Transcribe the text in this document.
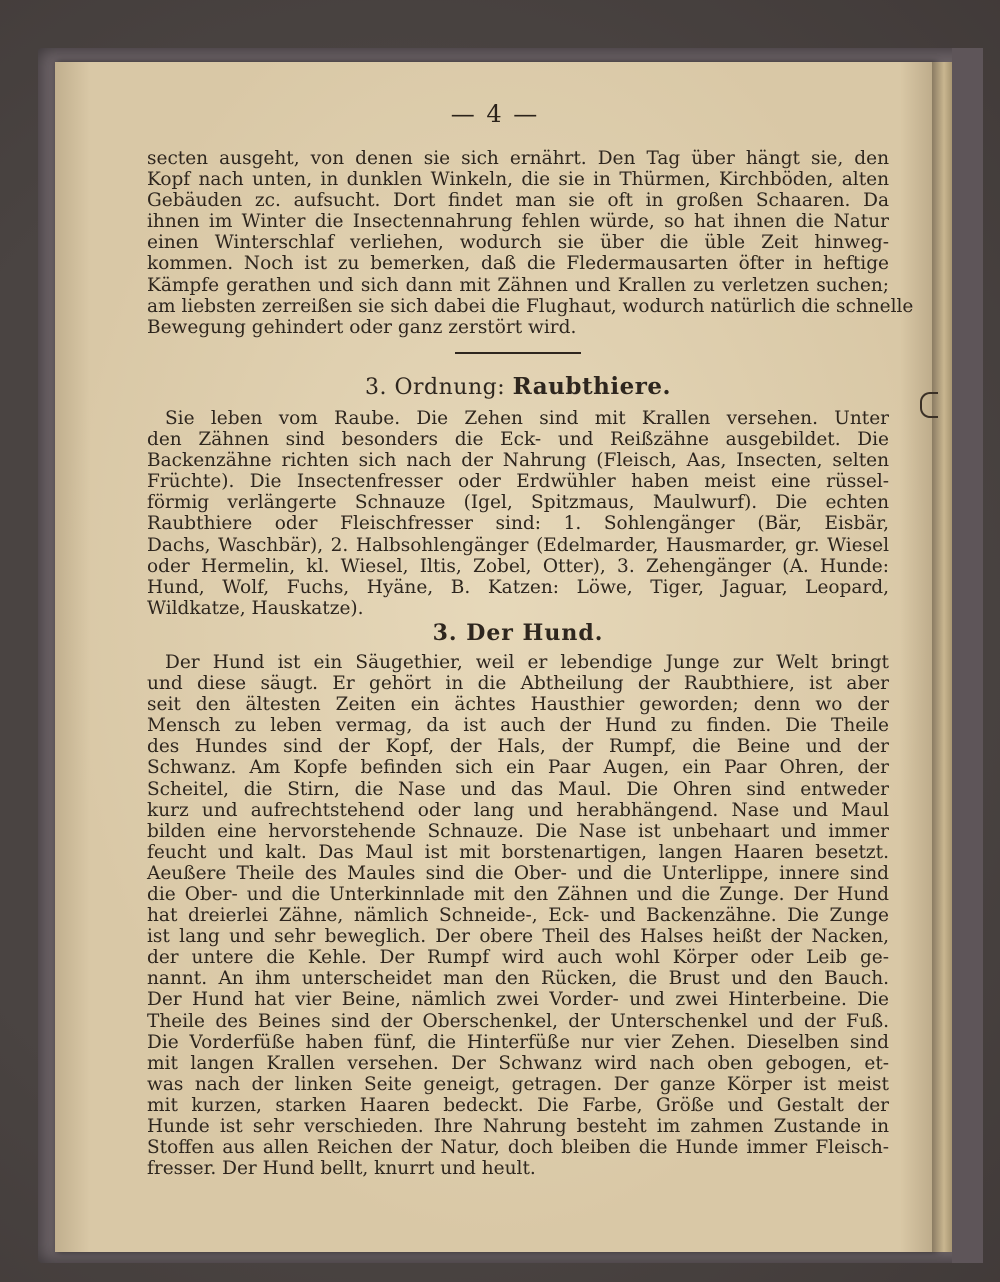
— 4 —
secten ausgeht, von denen sie sich ernährt. Den Tag über hängt sie, den
Kopf nach unten, in dunklen Winkeln, die sie in Thürmen, Kirchböden, alten
Gebäuden zc. aufsucht. Dort findet man sie oft in großen Schaaren. Da
ihnen im Winter die Insectennahrung fehlen würde, so hat ihnen die Natur
einen Winterschlaf verliehen, wodurch sie über die üble Zeit hinweg-
kommen. Noch ist zu bemerken, daß die Fledermausarten öfter in heftige
Kämpfe gerathen und sich dann mit Zähnen und Krallen zu verletzen suchen;
am liebsten zerreißen sie sich dabei die Flughaut, wodurch natürlich die schnelle
Bewegung gehindert oder ganz zerstört wird.
3. Ordnung: Raubthiere.
Sie leben vom Raube. Die Zehen sind mit Krallen versehen. Unter
den Zähnen sind besonders die Eck- und Reißzähne ausgebildet. Die
Backenzähne richten sich nach der Nahrung (Fleisch, Aas, Insecten, selten
Früchte). Die Insectenfresser oder Erdwühler haben meist eine rüssel-
förmig verlängerte Schnauze (Igel, Spitzmaus, Maulwurf). Die echten
Raubthiere oder Fleischfresser sind: 1. Sohlengänger (Bär, Eisbär,
Dachs, Waschbär), 2. Halbsohlengänger (Edelmarder, Hausmarder, gr. Wiesel
oder Hermelin, kl. Wiesel, Iltis, Zobel, Otter), 3. Zehengänger (A. Hunde:
Hund, Wolf, Fuchs, Hyäne, B. Katzen: Löwe, Tiger, Jaguar, Leopard,
Wildkatze, Hauskatze).
3. Der Hund.
Der Hund ist ein Säugethier, weil er lebendige Junge zur Welt bringt
und diese säugt. Er gehört in die Abtheilung der Raubthiere, ist aber
seit den ältesten Zeiten ein ächtes Hausthier geworden; denn wo der
Mensch zu leben vermag, da ist auch der Hund zu finden. Die Theile
des Hundes sind der Kopf, der Hals, der Rumpf, die Beine und der
Schwanz. Am Kopfe befinden sich ein Paar Augen, ein Paar Ohren, der
Scheitel, die Stirn, die Nase und das Maul. Die Ohren sind entweder
kurz und aufrechtstehend oder lang und herabhängend. Nase und Maul
bilden eine hervorstehende Schnauze. Die Nase ist unbehaart und immer
feucht und kalt. Das Maul ist mit borstenartigen, langen Haaren besetzt.
Aeußere Theile des Maules sind die Ober- und die Unterlippe, innere sind
die Ober- und die Unterkinnlade mit den Zähnen und die Zunge. Der Hund
hat dreierlei Zähne, nämlich Schneide-, Eck- und Backenzähne. Die Zunge
ist lang und sehr beweglich. Der obere Theil des Halses heißt der Nacken,
der untere die Kehle. Der Rumpf wird auch wohl Körper oder Leib ge-
nannt. An ihm unterscheidet man den Rücken, die Brust und den Bauch.
Der Hund hat vier Beine, nämlich zwei Vorder- und zwei Hinterbeine. Die
Theile des Beines sind der Oberschenkel, der Unterschenkel und der Fuß.
Die Vorderfüße haben fünf, die Hinterfüße nur vier Zehen. Dieselben sind
mit langen Krallen versehen. Der Schwanz wird nach oben gebogen, et-
was nach der linken Seite geneigt, getragen. Der ganze Körper ist meist
mit kurzen, starken Haaren bedeckt. Die Farbe, Größe und Gestalt der
Hunde ist sehr verschieden. Ihre Nahrung besteht im zahmen Zustande in
Stoffen aus allen Reichen der Natur, doch bleiben die Hunde immer Fleisch-
fresser. Der Hund bellt, knurrt und heult.
